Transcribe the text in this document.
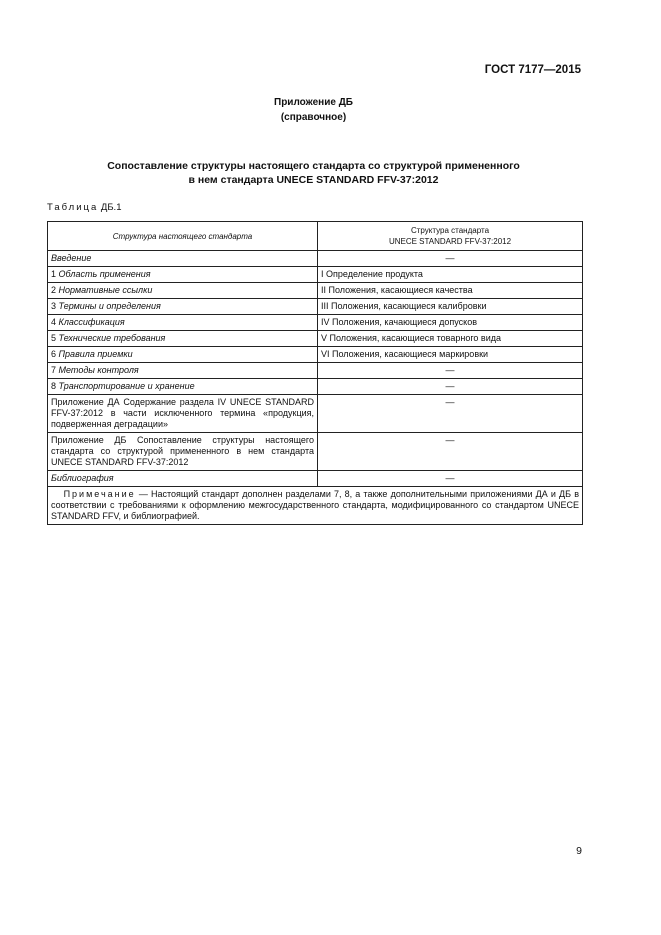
ГОСТ 7177—2015
Приложение ДБ
(справочное)
Сопоставление структуры настоящего стандарта со структурой примененного
в нем стандарта UNECE STANDARD FFV-37:2012
Таблица ДБ.1
Структура настоящего стандарта	Структура стандарта
UNECE STANDARD FFV-37:2012

Введение	—
1 Область применения	I Определение продукта
2 Нормативные ссылки	II Положения, касающиеся качества
3 Термины и определения	III Положения, касающиеся калибровки
4 Классификация	IV Положения, качающиеся допусков
5 Технические требования	V Положения, касающиеся товарного вида
6 Правила приемки	VI Положения, касающиеся маркировки
7 Методы контроля	—
8 Транспортирование и хранение	—
Приложение ДА Содержание раздела IV UNECE STANDARD FFV-37:2012 в части исключенного термина «продукция, подверженная деградации»	—
Приложение ДБ Сопоставление структуры настоящего стандарта со структурой примененного в нем стандарта UNECE STANDARD FFV-37:2012	—
Библиография	—
Примечание — Настоящий стандарт дополнен разделами 7, 8, а также дополнительными приложениями ДА и ДБ в соответствии с требованиями к оформлению межгосударственного стандарта, модифицированного со стандартом UNECE STANDARD FFV, и библиографией.	
9
